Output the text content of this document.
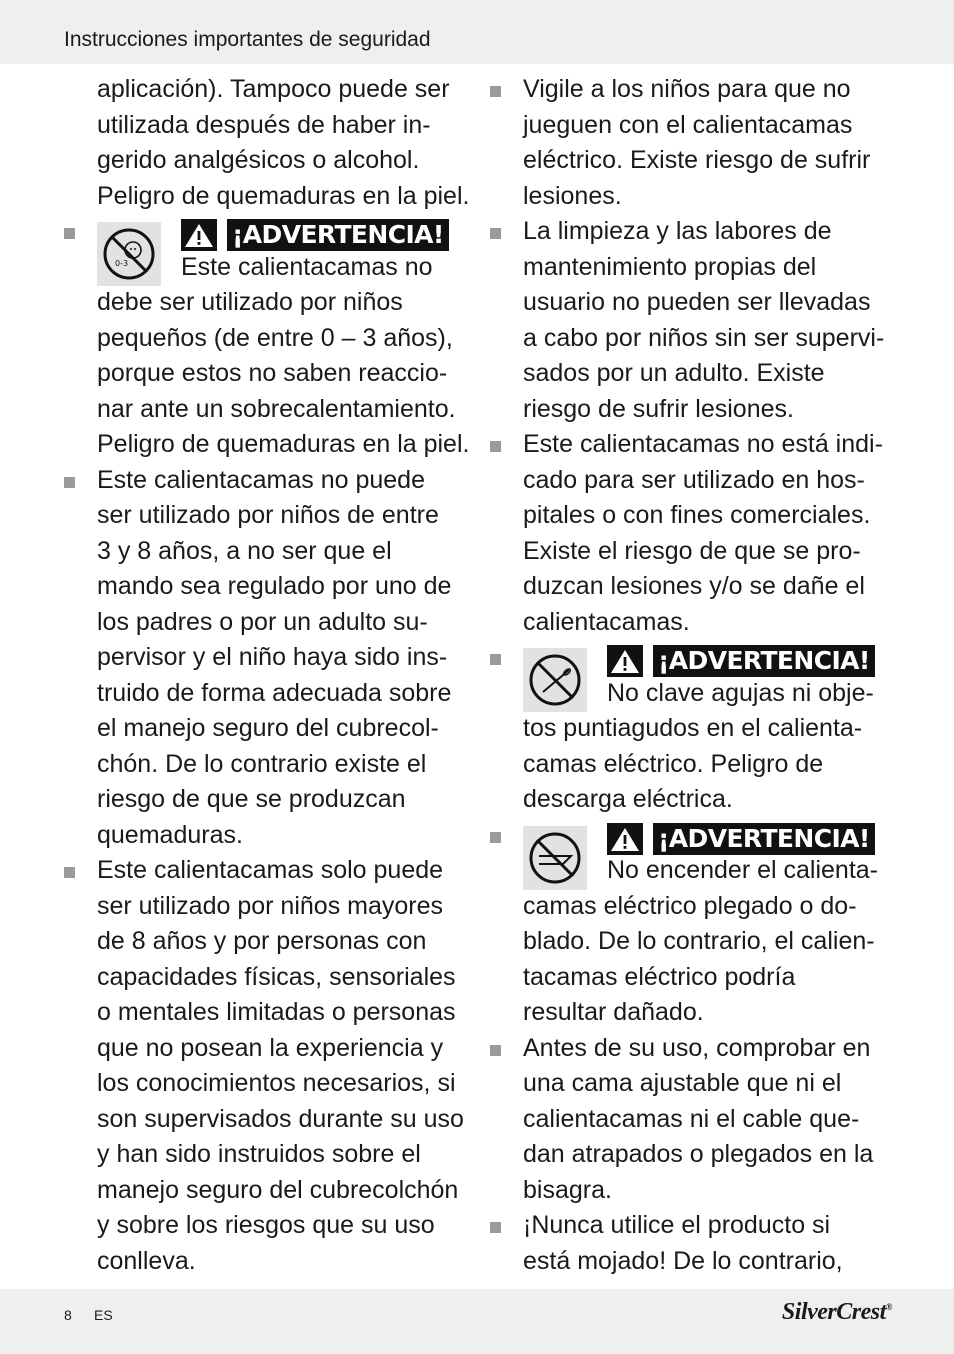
Instrucciones importantes de seguridad
aplicación). Tampoco puede ser
utilizada después de haber in-
gerido analgésicos o alcohol.
Peligro de quemaduras en la piel.
0-3
¡ADVERTENCIA!
Este calientacamas no
debe ser utilizado por niños
pequeños (de entre 0 – 3 años),
porque estos no saben reaccio-
nar ante un sobrecalentamiento.
Peligro de quemaduras en la piel.
Este calientacamas no puede
ser utilizado por niños de entre
3 y 8 años, a no ser que el
mando sea regulado por uno de
los padres o por un adulto su-
pervisor y el niño haya sido ins-
truido de forma adecuada sobre
el manejo seguro del cubrecol-
chón. De lo contrario existe el
riesgo de que se produzcan
quemaduras.
Este calientacamas solo puede
ser utilizado por niños mayores
de 8 años y por personas con
capacidades físicas, sensoriales
o mentales limitadas o personas
que no posean la experiencia y
los conocimientos necesarios, si
son supervisados durante su uso
y han sido instruidos sobre el
manejo seguro del cubrecolchón
y sobre los riesgos que su uso
conlleva.
Vigile a los niños para que no
jueguen con el calientacamas
eléctrico. Existe riesgo de sufrir
lesiones.
La limpieza y las labores de
mantenimiento propias del
usuario no pueden ser llevadas
a cabo por niños sin ser supervi-
sados por un adulto. Existe
riesgo de sufrir lesiones.
Este calientacamas no está indi-
cado para ser utilizado en hos-
pitales o con fines comerciales.
Existe el riesgo de que se pro-
duzcan lesiones y/o se dañe el
calientacamas.
¡ADVERTENCIA!
No clave agujas ni obje-
tos puntiagudos en el calienta-
camas eléctrico. Peligro de
descarga eléctrica.
¡ADVERTENCIA!
No encender el calienta-
camas eléctrico plegado o do-
blado. De lo contrario, el calien-
tacamas eléctrico podría
resultar dañado.
Antes de su uso, comprobar en
una cama ajustable que ni el
calientacamas ni el cable que-
dan atrapados o plegados en la
bisagra.
¡Nunca utilice el producto si
está mojado! De lo contrario,
8 ES	SilverCrest®
